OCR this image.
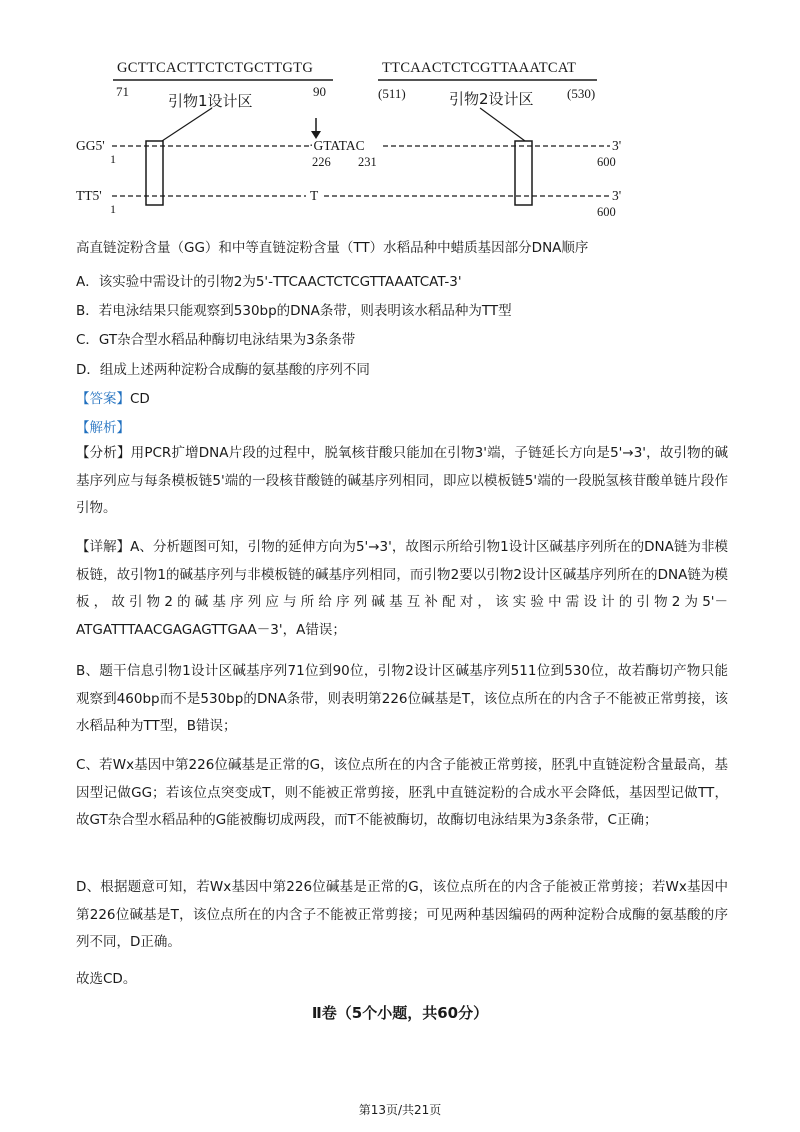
GCTTCACTTCTCTGCTTGTG
71	90
引物1设计区
TTCAACTCTCGTTAAATCAT
(511)	(530)
引物2设计区
GG5'	·GTATAC	3'
1	226 231	600
TT5'	T	3'
1	600
高直链淀粉含量（GG）和中等直链淀粉含量（TT）水稻品种中蜡质基因部分DNA顺序
A．该实验中需设计的引物2为5'-TTCAACTCTCGTTAAATCAT-3'
B．若电泳结果只能观察到530bp的DNA条带，则表明该水稻品种为TT型
C．GT杂合型水稻品种酶切电泳结果为3条条带
D．组成上述两种淀粉合成酶的氨基酸的序列不同
【答案】CD
【解析】

【分析】用PCR扩增DNA片段的过程中，脱氧核苷酸只能加在引物3'端，子链延长方向是5'→3'，故引物的碱基序列应与每条模板链5'端的一段核苷酸链的碱基序列相同，即应以模板链5'端的一段脱氢核苷酸单链片段作引物。

【详解】A、分析题图可知，引物的延伸方向为5'→3'，故图示所给引物1设计区碱基序列所在的DNA链为非模板链，故引物1的碱基序列与非模板链的碱基序列相同，而引物2要以引物2设计区碱基序列所在的DNA链为模板，故引物2的碱基序列应与所给序列碱基互补配对，该实验中需设计的引物2为5'－ATGATTTAACGAGAGTTGAA－3'，A错误；

B、题干信息引物1设计区碱基序列71位到90位，引物2设计区碱基序列511位到530位，故若酶切产物只能观察到460bp而不是530bp的DNA条带，则表明第226位碱基是T，该位点所在的内含子不能被正常剪接，该水稻品种为TT型，B错误；

C、若Wx基因中第226位碱基是正常的G，该位点所在的内含子能被正常剪接，胚乳中直链淀粉含量最高，基因型记做GG；若该位点突变成T，则不能被正常剪接，胚乳中直链淀粉的合成水平会降低，基因型记做TT，故GT杂合型水稻品种的G能被酶切成两段，而T不能被酶切，故酶切电泳结果为3条条带，C正确；

D、根据题意可知，若Wx基因中第226位碱基是正常的G，该位点所在的内含子能被正常剪接；若Wx基因中第226位碱基是T，该位点所在的内含子不能被正常剪接；可见两种基因编码的两种淀粉合成酶的氨基酸的序列不同，D正确。

故选CD。

Ⅱ卷（5个小题，共60分）
第13页/共21页
